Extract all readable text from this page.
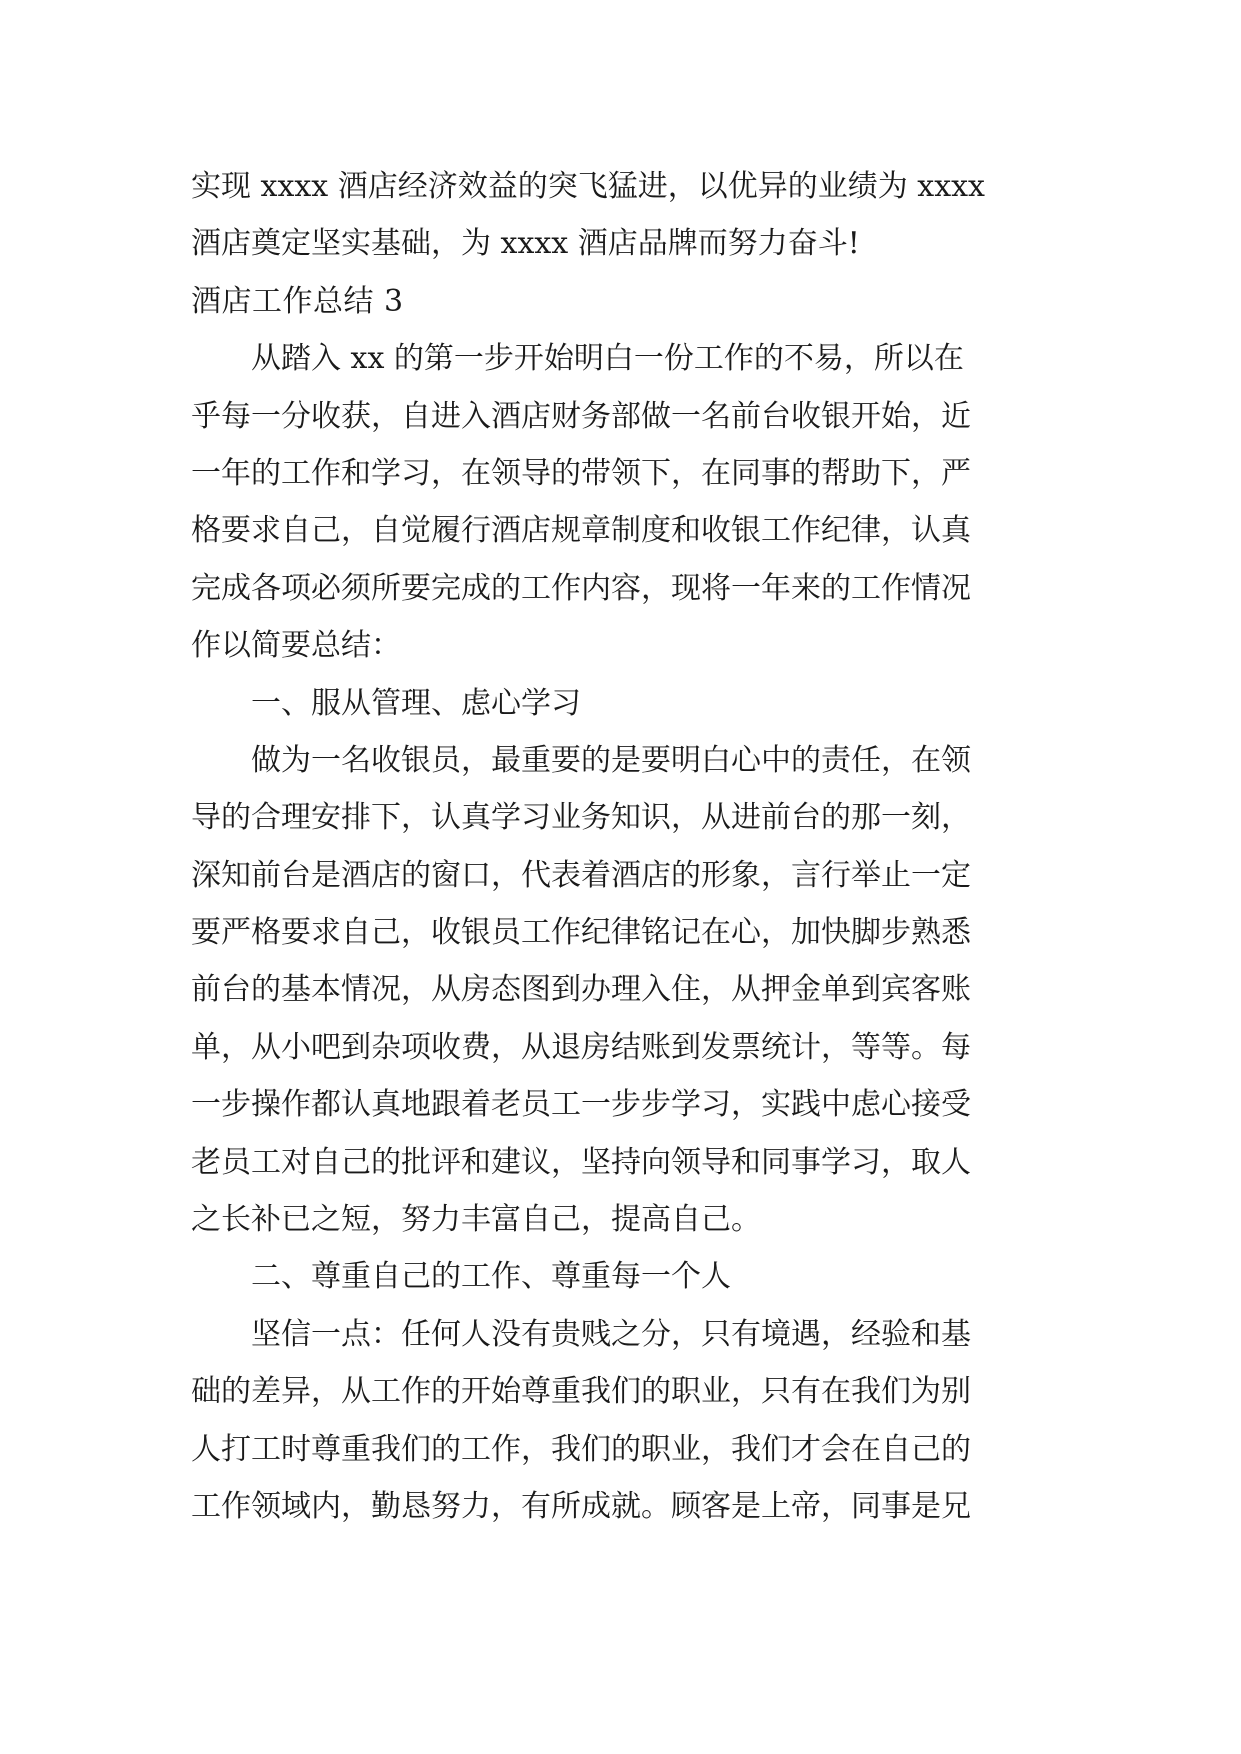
实现 xxxx 酒店经济效益的突飞猛进，以优异的业绩为 xxxx
酒店奠定坚实基础，为 xxxx 酒店品牌而努力奋斗!
酒店工作总结 3
从踏入 xx 的第一步开始明白一份工作的不易，所以在
乎每一分收获，自进入酒店财务部做一名前台收银开始，近
一年的工作和学习，在领导的带领下，在同事的帮助下，严
格要求自己，自觉履行酒店规章制度和收银工作纪律，认真
完成各项必须所要完成的工作内容，现将一年来的工作情况
作以简要总结：
一、服从管理、虑心学习
做为一名收银员，最重要的是要明白心中的责任，在领
导的合理安排下，认真学习业务知识，从进前台的那一刻，
深知前台是酒店的窗口，代表着酒店的形象，言行举止一定
要严格要求自己，收银员工作纪律铭记在心，加快脚步熟悉
前台的基本情况，从房态图到办理入住，从押金单到宾客账
单，从小吧到杂项收费，从退房结账到发票统计，等等。每
一步操作都认真地跟着老员工一步步学习，实践中虑心接受
老员工对自己的批评和建议，坚持向领导和同事学习，取人
之长补已之短，努力丰富自己，提高自己。
二、尊重自己的工作、尊重每一个人
坚信一点：任何人没有贵贱之分，只有境遇，经验和基
础的差异，从工作的开始尊重我们的职业，只有在我们为别
人打工时尊重我们的工作，我们的职业，我们才会在自己的
工作领域内，勤恳努力，有所成就。顾客是上帝，同事是兄
